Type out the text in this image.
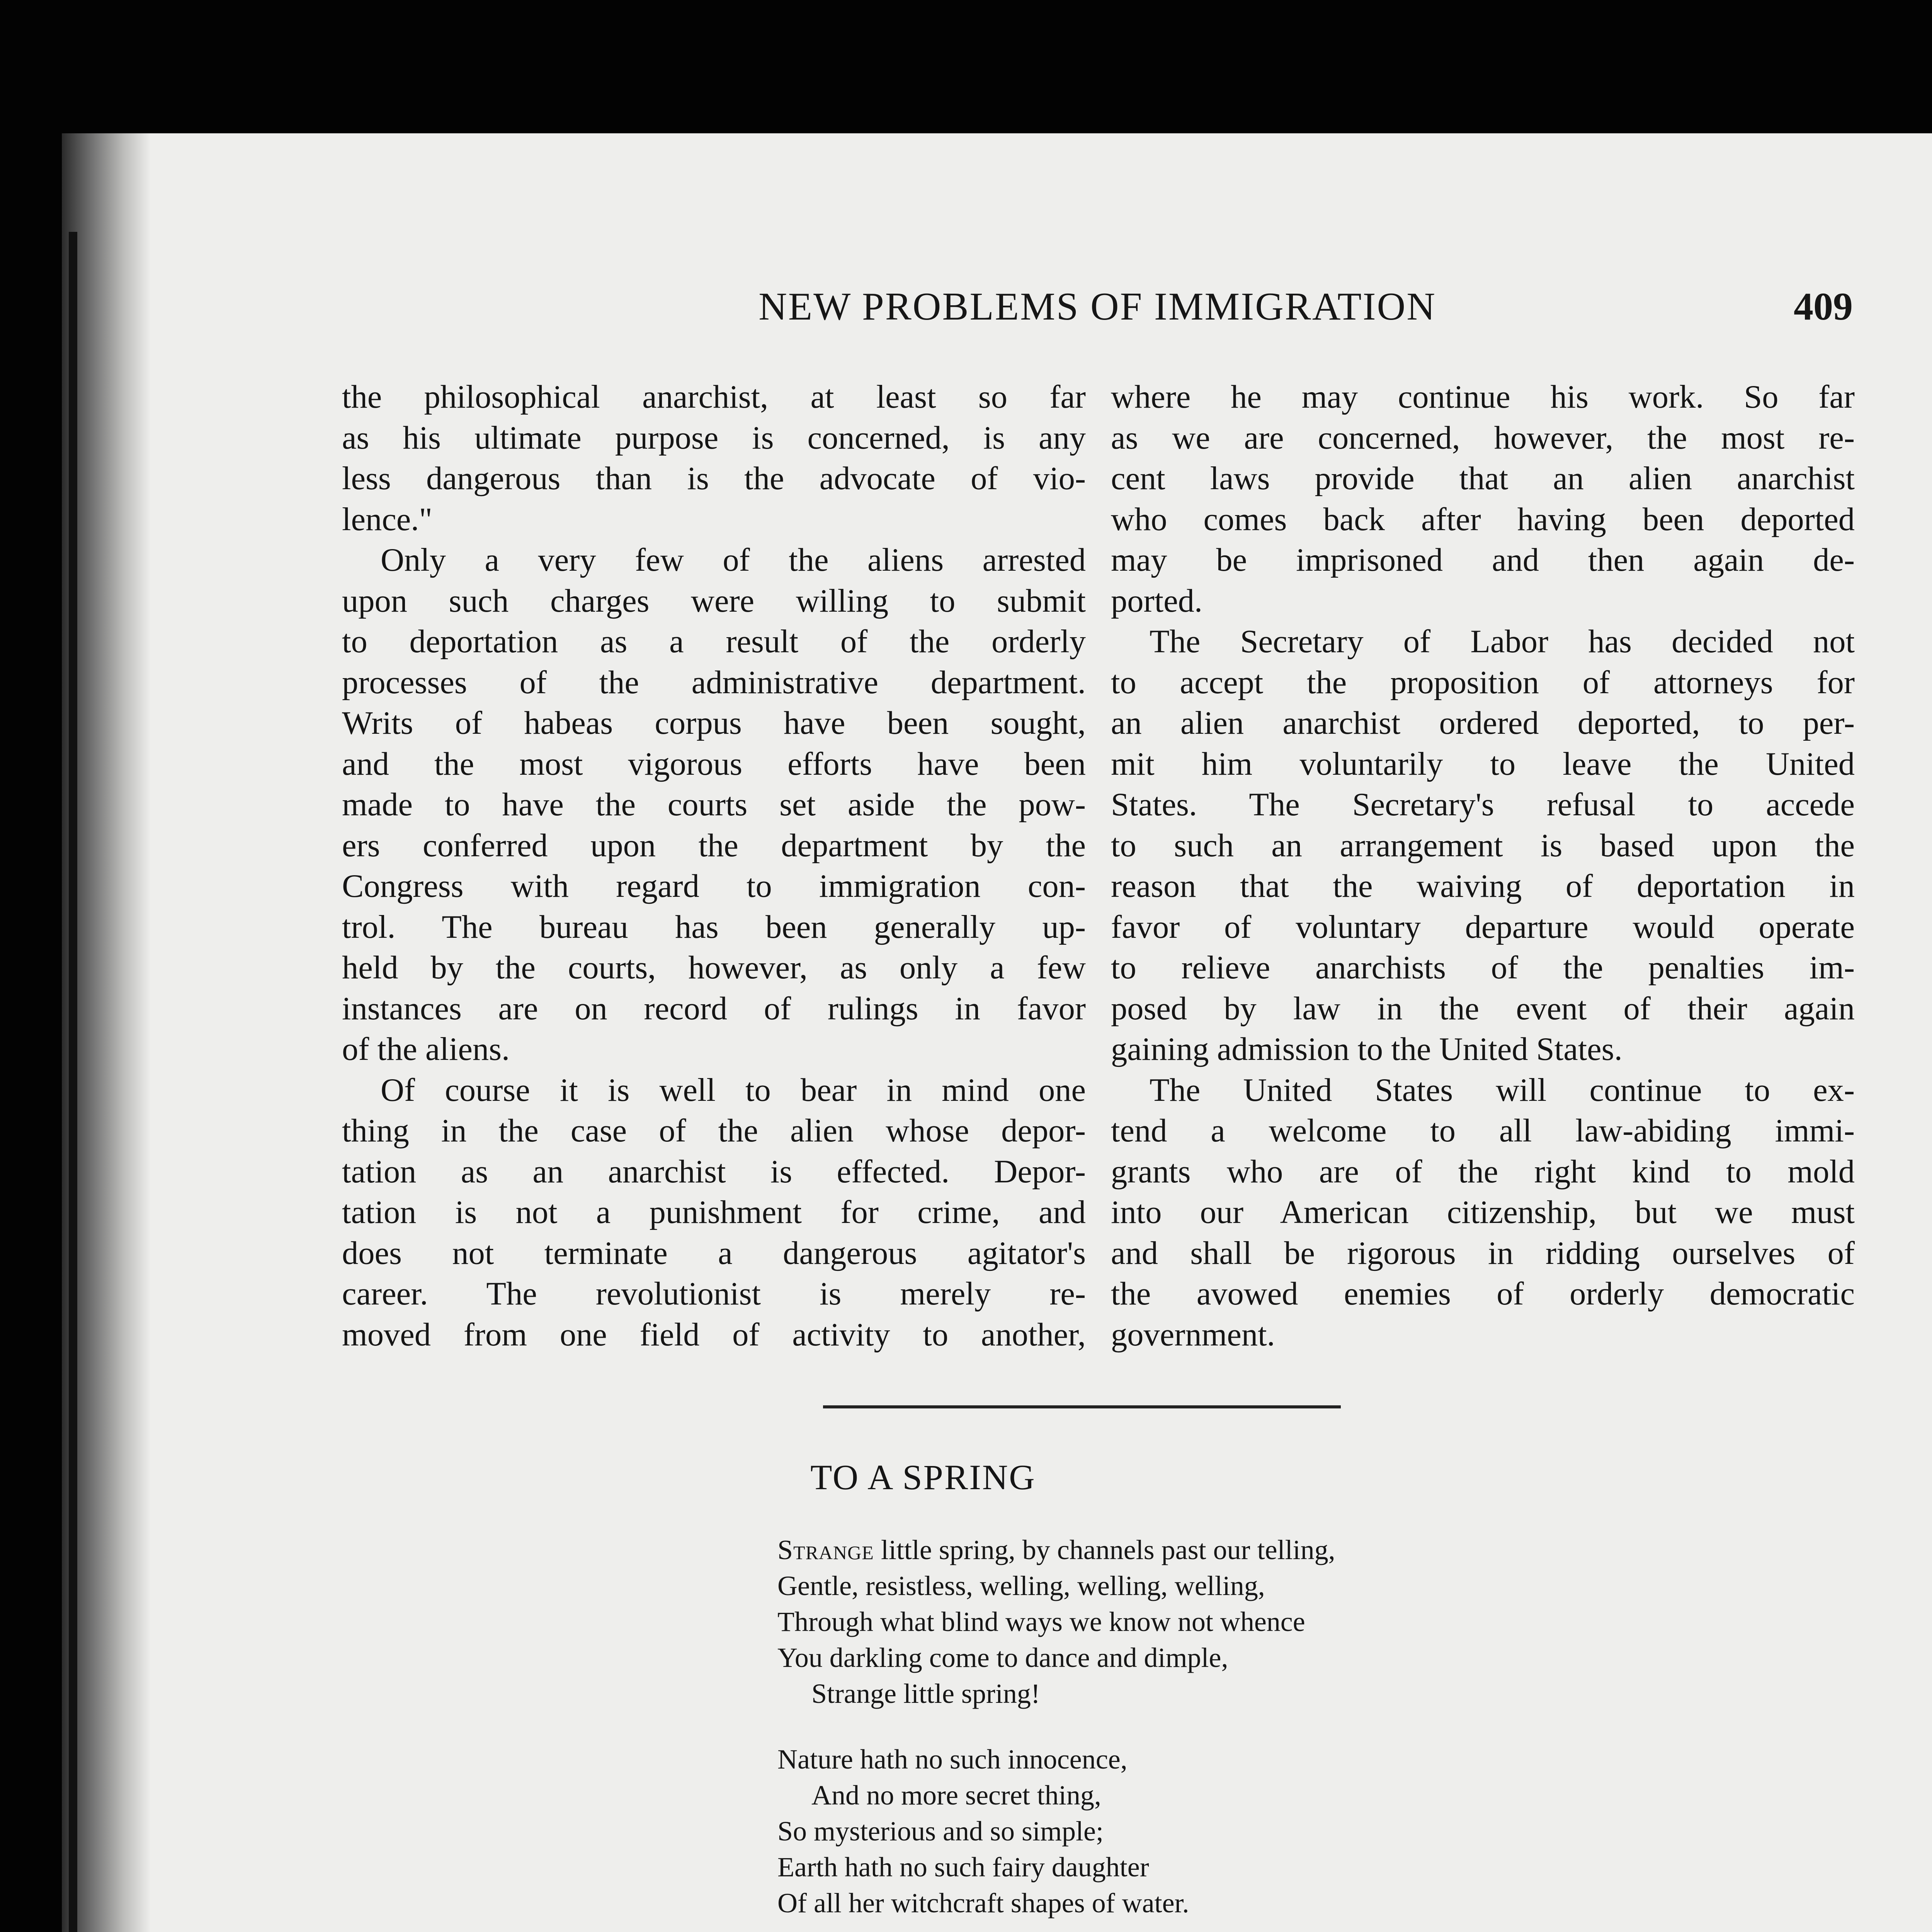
NEW PROBLEMS OF IMMIGRATION	409

the philosophical anarchist, at least so far

as his ultimate purpose is concerned, is any

less dangerous than is the advocate of vio-

lence."

Only a very few of the aliens arrested

upon such charges were willing to submit

to deportation as a result of the orderly

processes of the administrative department.

Writs of habeas corpus have been sought,

and the most vigorous efforts have been

made to have the courts set aside the pow-

ers conferred upon the department by the

Congress with regard to immigration con-

trol. The bureau has been generally up-

held by the courts, however, as only a few

instances are on record of rulings in favor

of the aliens.

Of course it is well to bear in mind one

thing in the case of the alien whose depor-

tation as an anarchist is effected. Depor-

tation is not a punishment for crime, and

does not terminate a dangerous agitator's

career. The revolutionist is merely re-

moved from one field of activity to another,

where he may continue his work. So far

as we are concerned, however, the most re-

cent laws provide that an alien anarchist

who comes back after having been deported

may be imprisoned and then again de-

ported.

The Secretary of Labor has decided not

to accept the proposition of attorneys for

an alien anarchist ordered deported, to per-

mit him voluntarily to leave the United

States. The Secretary's refusal to accede

to such an arrangement is based upon the

reason that the waiving of deportation in

favor of voluntary departure would operate

to relieve anarchists of the penalties im-

posed by law in the event of their again

gaining admission to the United States.

The United States will continue to ex-

tend a welcome to all law-abiding immi-

grants who are of the right kind to mold

into our American citizenship, but we must

and shall be rigorous in ridding ourselves of

the avowed enemies of orderly democratic

government.

TO A SPRING
Strange little spring, by channels past our telling,
Gentle, resistless, welling, welling, welling,
Through what blind ways we know not whence
You darkling come to dance and dimple,
Strange little spring!
Nature hath no such innocence,
And no more secret thing,
So mysterious and so simple;
Earth hath no such fairy daughter
Of all her witchcraft shapes of water.
